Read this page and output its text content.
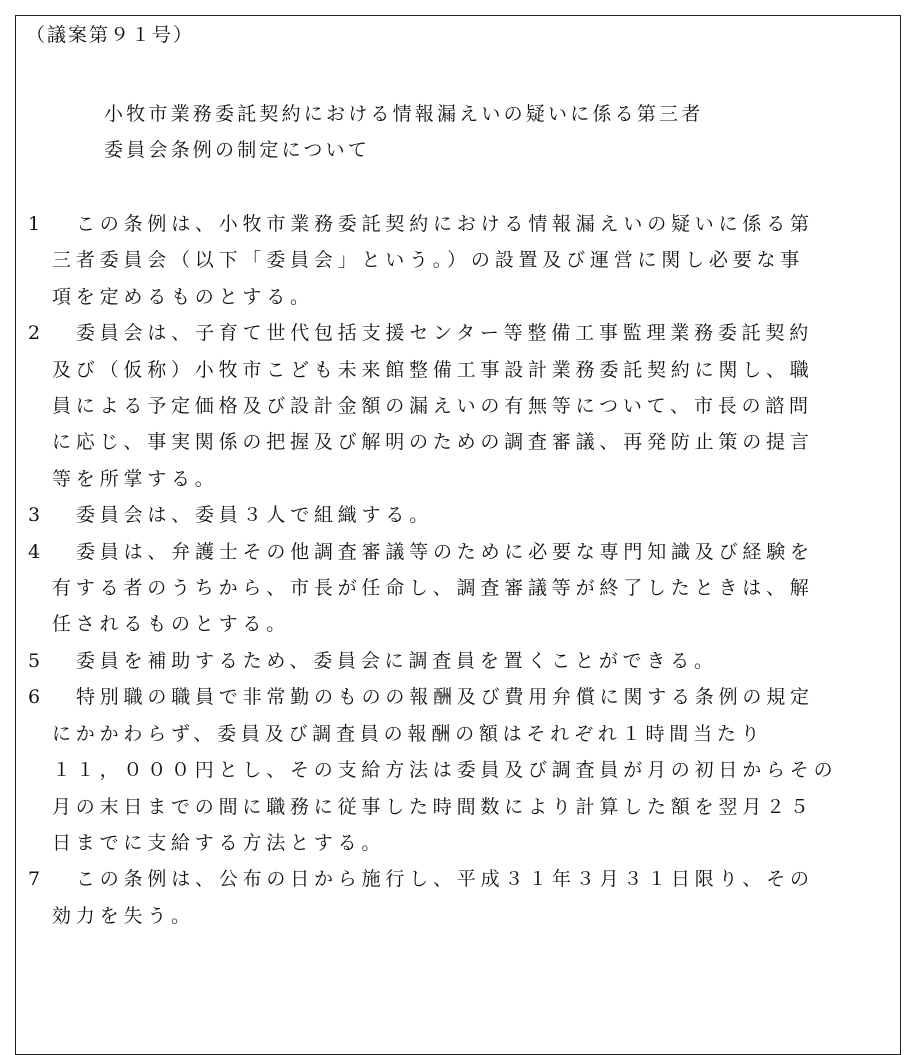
（議案第９１号）
小牧市業務委託契約における情報漏えいの疑いに係る第三者
委員会条例の制定について
1 この条例は、小牧市業務委託契約における情報漏えいの疑いに係る第
三者委員会（以下「委員会」という。）の設置及び運営に関し必要な事
項を定めるものとする。
2 委員会は、子育て世代包括支援センター等整備工事監理業務委託契約
及び（仮称）小牧市こども未来館整備工事設計業務委託契約に関し、職
員による予定価格及び設計金額の漏えいの有無等について、市長の諮問
に応じ、事実関係の把握及び解明のための調査審議、再発防止策の提言
等を所掌する。
3 委員会は、委員３人で組織する。
4 委員は、弁護士その他調査審議等のために必要な専門知識及び経験を
有する者のうちから、市長が任命し、調査審議等が終了したときは、解
任されるものとする。
5 委員を補助するため、委員会に調査員を置くことができる。
6 特別職の職員で非常勤のものの報酬及び費用弁償に関する条例の規定
にかかわらず、委員及び調査員の報酬の額はそれぞれ１時間当たり
１１，０００円とし、その支給方法は委員及び調査員が月の初日からその
月の末日までの間に職務に従事した時間数により計算した額を翌月２５
日までに支給する方法とする。
7 この条例は、公布の日から施行し、平成３１年３月３１日限り、その
効力を失う。
